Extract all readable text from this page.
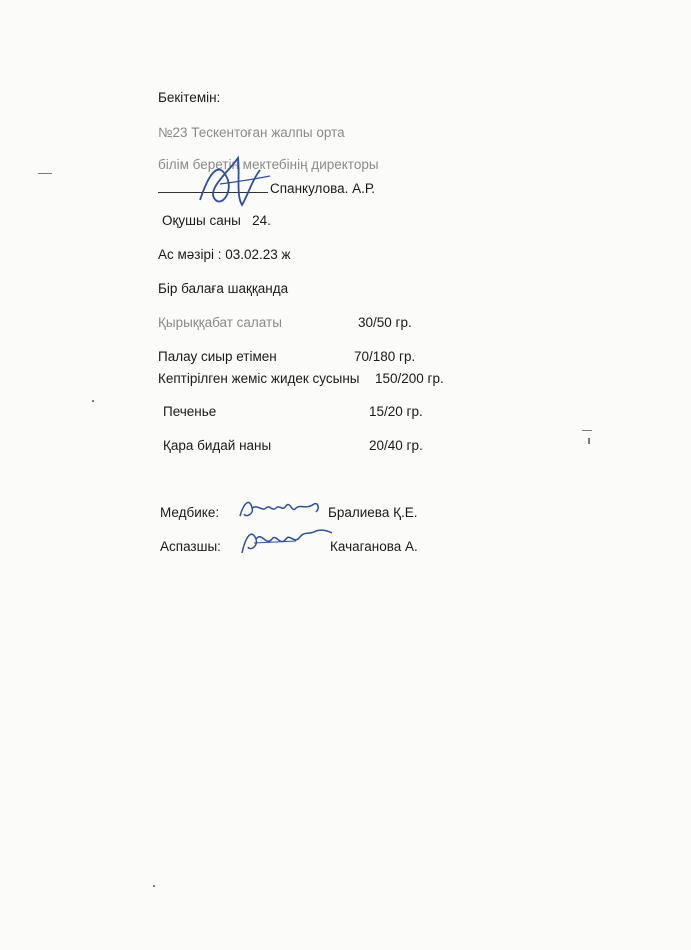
Бекітемін:
№23 Тескентоған жалпы орта
білім беретін мектебінің директоры
Спанкулова. А.Р.
Оқушы саны 24.
Ас мәзірі : 03.02.23 ж
Бір балаға шаққанда
Қырыққабат салаты	30/50 гр.
Палау сиыр етімен	70/180 гр.
Кептірілген жеміс жидек сусыны 150/200 гр.
Печенье	15/20 гр.
Қара бидай наны	20/40 гр.
Медбике:	Бралиева Қ.Е.
Аспазшы:	Качаганова А.
